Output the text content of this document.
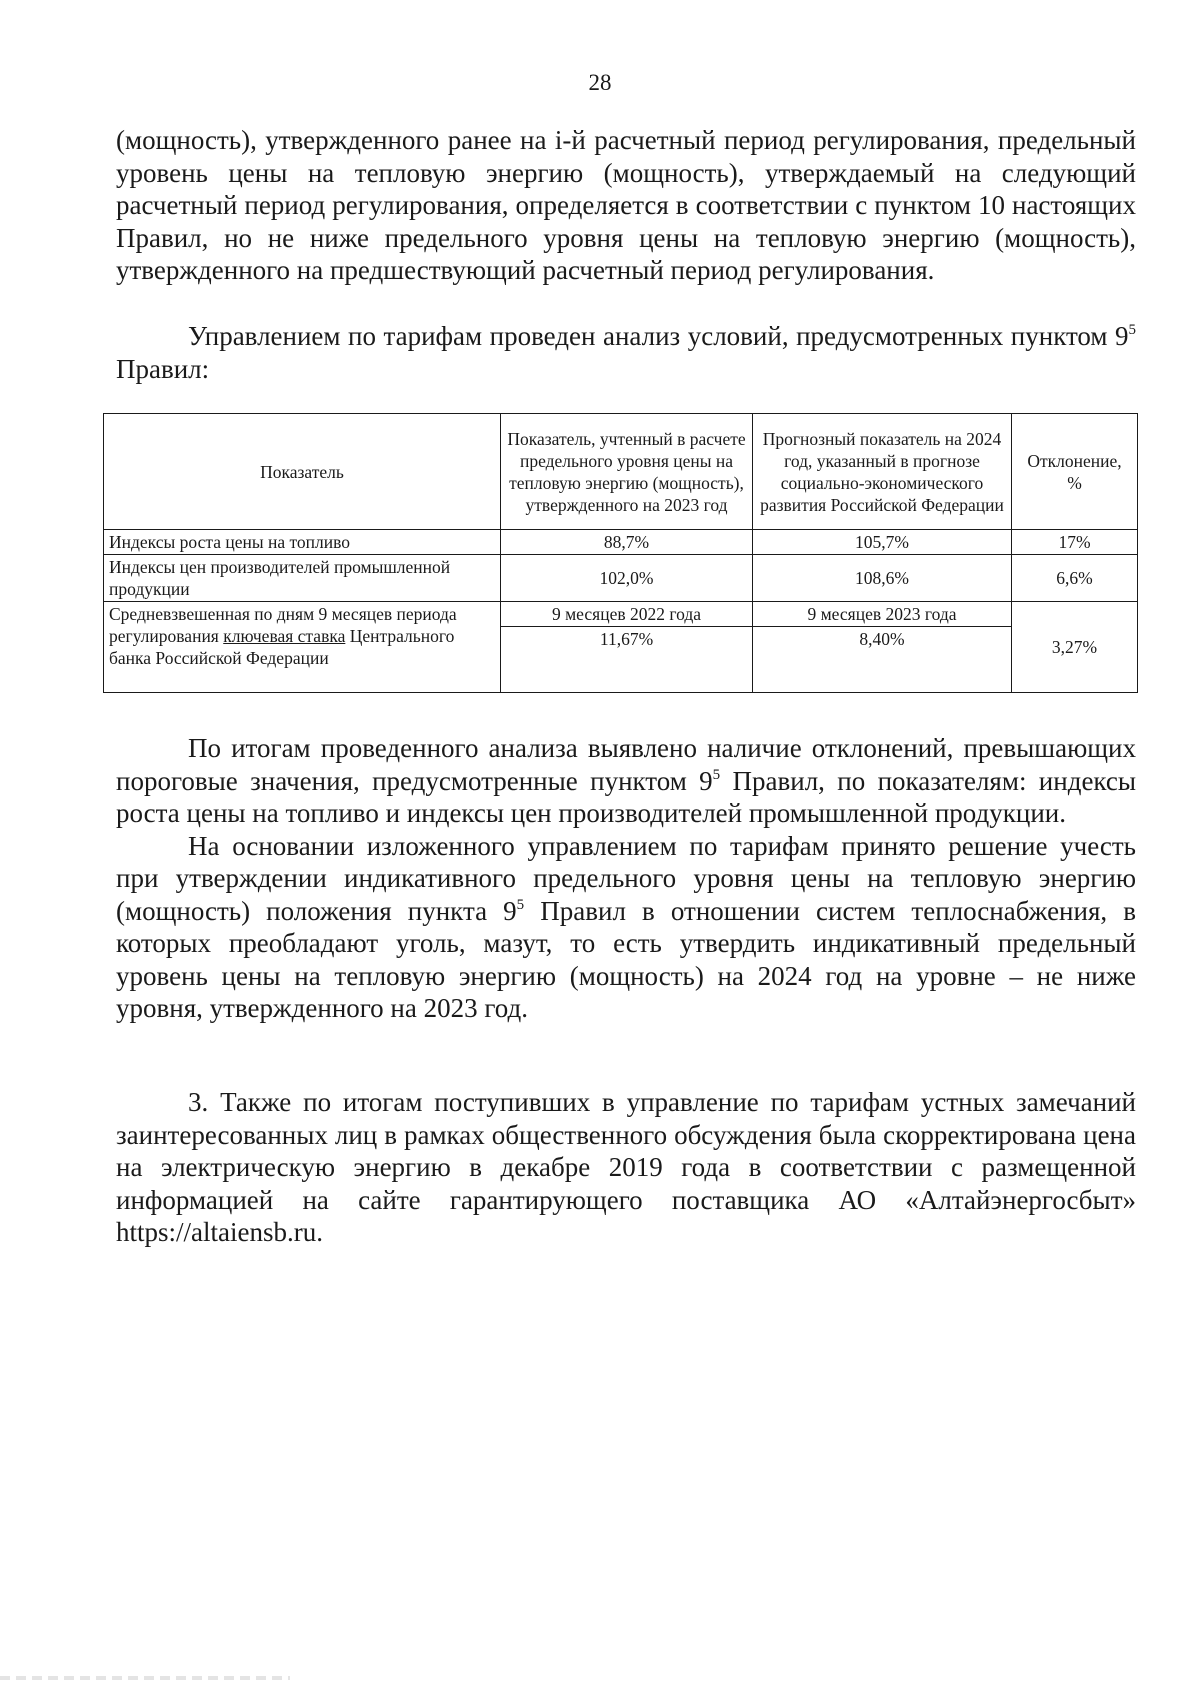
28

(мощность), утвержденного ранее на i-й расчетный период регулирования, предельный уровень цены на тепловую энергию (мощность), утверждаемый на следующий расчетный период регулирования, определяется в соответствии с пунктом 10 настоящих Правил, но не ниже предельного уровня цены на тепловую энергию (мощность), утвержденного на предшествующий расчетный период регулирования.

Управлением по тарифам проведен анализ условий, предусмотренных пунктом $9^5$ Правил:

Показатель	Показатель, учтенный в расчете предельного уровня цены на тепловую энергию (мощность), утвержденного на 2023 год	Прогнозный показатель на 2024 год, указанный в прогнозе социально-экономического развития Российской Федерации	Отклонение, %
Индексы роста цены на топливо	88,7%	105,7%	17%
Индексы цен производителей промышленной продукции	102,0%	108,6%	6,6%
Средневзвешенная по дням 9 месяцев периода регулирования ключевая ставка Центрального банка Российской Федерации	9 месяцев 2022 года	9 месяцев 2023 года	3,27%
	11,67%	8,40%	

По итогам проведенного анализа выявлено наличие отклонений, превышающих пороговые значения, предусмотренные пунктом $9^5$ Правил, по показателям: индексы роста цены на топливо и индексы цен производителей промышленной продукции.

На основании изложенного управлением по тарифам принято решение учесть при утверждении индикативного предельного уровня цены на тепловую энергию (мощность) положения пункта $9^5$ Правил в отношении систем теплоснабжения, в которых преобладают уголь, мазут, то есть утвердить индикативный предельный уровень цены на тепловую энергию (мощность) на 2024 год на уровне – не ниже уровня, утвержденного на 2023 год.

3. Также по итогам поступивших в управление по тарифам устных замечаний заинтересованных лиц в рамках общественного обсуждения была скорректирована цена на электрическую энергию в декабре 2019 года в соответствии с размещенной информацией на сайте гарантирующего поставщика АО «Алтайэнергосбыт» https://altaiensb.ru.
